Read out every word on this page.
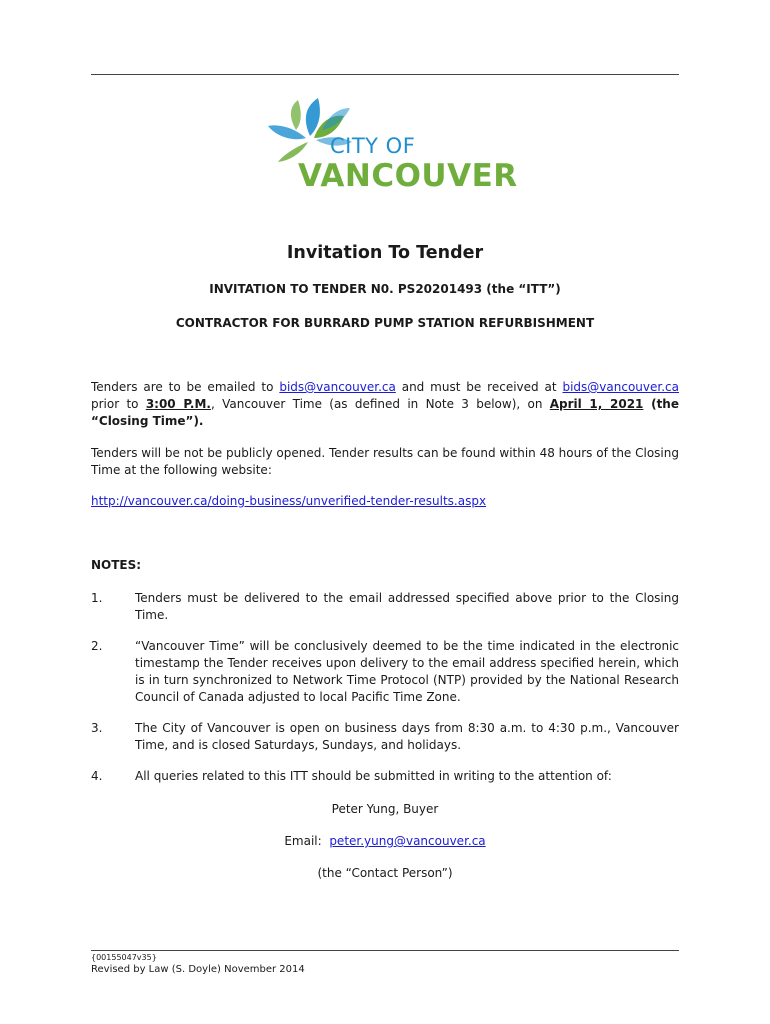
CITY OF
VANCOUVER
Invitation To Tender
INVITATION TO TENDER N0. PS20201493 (the “ITT”)
CONTRACTOR FOR BURRARD PUMP STATION REFURBISHMENT
Tenders are to be emailed to bids@vancouver.ca and must be received at bids@vancouver.ca prior to 3:00 P.M., Vancouver Time (as defined in Note 3 below), on April 1, 2021 (the “Closing Time”).
Tenders will be not be publicly opened. Tender results can be found within 48 hours of the Closing Time at the following website:
http://vancouver.ca/doing-business/unverified-tender-results.aspx
NOTES:
1.	Tenders must be delivered to the email addressed specified above prior to the Closing Time.
2.	“Vancouver Time” will be conclusively deemed to be the time indicated in the electronic timestamp the Tender receives upon delivery to the email address specified herein, which is in turn synchronized to Network Time Protocol (NTP) provided by the National Research Council of Canada adjusted to local Pacific Time Zone.
3.	The City of Vancouver is open on business days from 8:30 a.m. to 4:30 p.m., Vancouver Time, and is closed Saturdays, Sundays, and holidays.
4.	All queries related to this ITT should be submitted in writing to the attention of:
Peter Yung, Buyer
Email: peter.yung@vancouver.ca
(the “Contact Person”)
{00155047v35}
Revised by Law (S. Doyle) November 2014
